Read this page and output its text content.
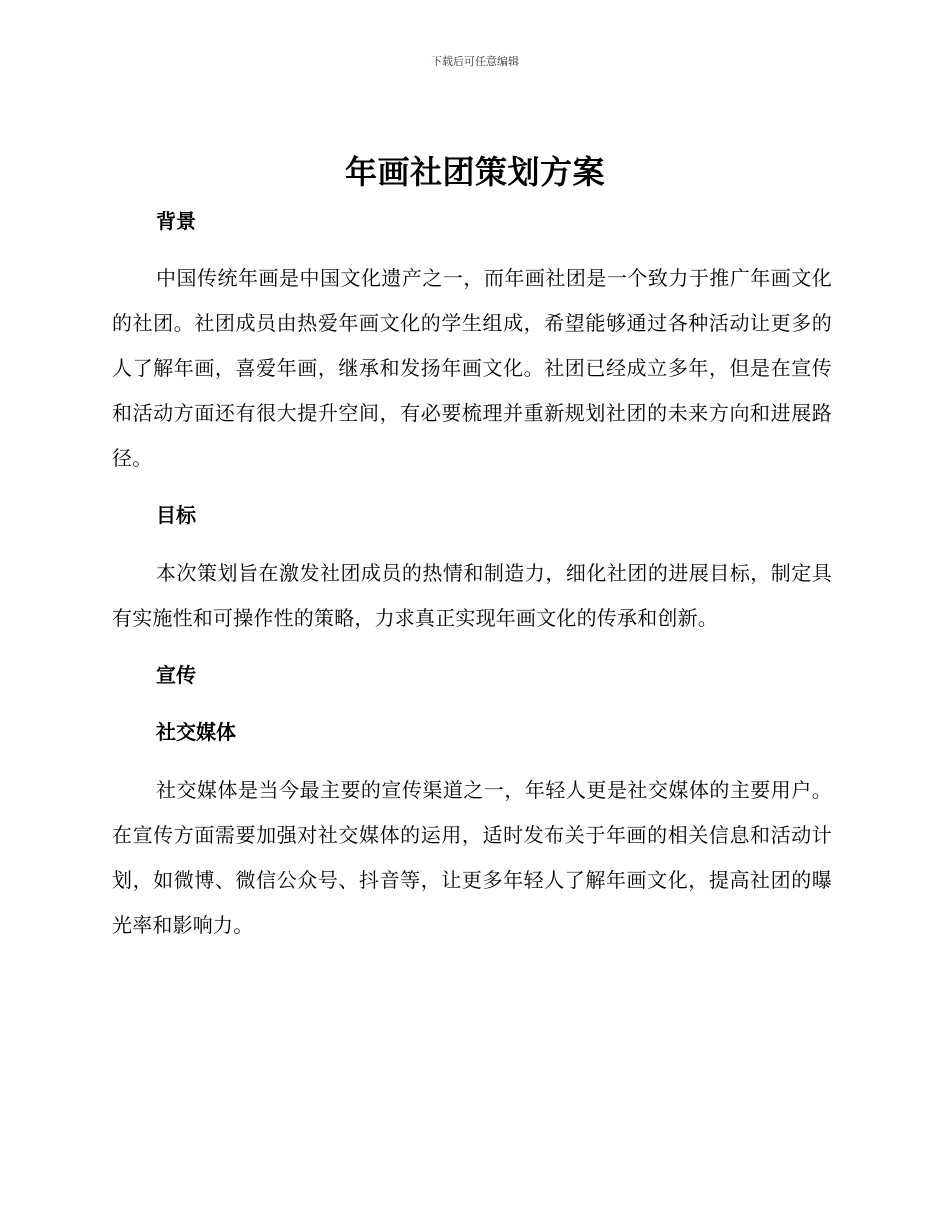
下载后可任意编辑
年画社团策划方案
背景

中国传统年画是中国文化遗产之一，而年画社团是一个致力于推广年画文化的社团。社团成员由热爱年画文化的学生组成，希望能够通过各种活动让更多的人了解年画，喜爱年画，继承和发扬年画文化。社团已经成立多年，但是在宣传和活动方面还有很大提升空间，有必要梳理并重新规划社团的未来方向和进展路径。

目标

本次策划旨在激发社团成员的热情和制造力，细化社团的进展目标，制定具有实施性和可操作性的策略，力求真正实现年画文化的传承和创新。

宣传
社交媒体

社交媒体是当今最主要的宣传渠道之一，年轻人更是社交媒体的主要用户。在宣传方面需要加强对社交媒体的运用，适时发布关于年画的相关信息和活动计划，如微博、微信公众号、抖音等，让更多年轻人了解年画文化，提高社团的曝光率和影响力。
